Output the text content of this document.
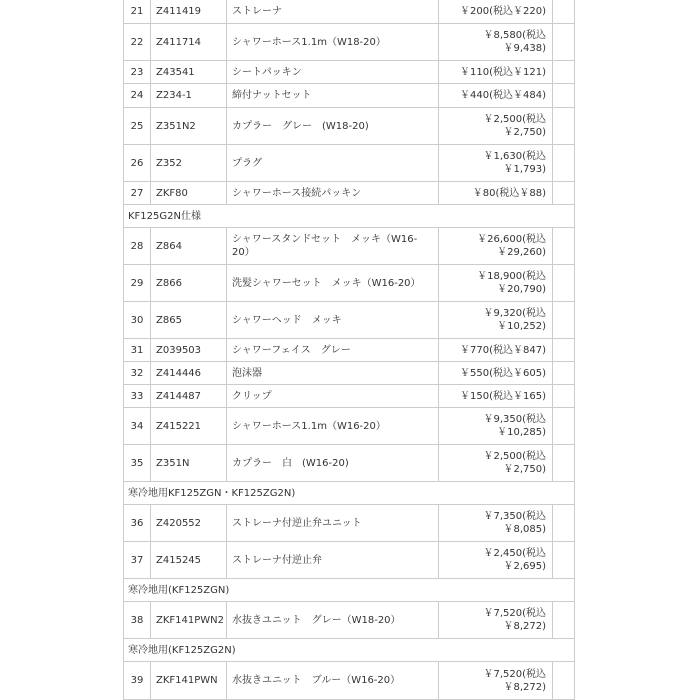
21	Z411419	ストレーナ	￥200(税込￥220)	

22	Z411714	シャワーホース1.1m（W18-20）	￥8,580(税込
￥9,438)	

23	Z43541	シートパッキン	￥110(税込￥121)	

24	Z234-1	締付ナットセット	￥440(税込￥484)	

25	Z351N2	カプラー　グレー　(W18-20)	￥2,500(税込
￥2,750)	

26	Z352	プラグ	￥1,630(税込
￥1,793)	

27	ZKF80	シャワーホース接続パッキン	￥80(税込￥88)	

KF125G2N仕様				
28	Z864	シャワースタンドセット　メッキ（W16-20）	￥26,600(税込
￥29,260)	

29	Z866	洗髪シャワーセット　メッキ（W16-20）	￥18,900(税込
￥20,790)	

30	Z865	シャワーヘッド　メッキ	￥9,320(税込
￥10,252)	

31	Z039503	シャワーフェイス　グレー	￥770(税込￥847)	

32	Z414446	泡沫器	￥550(税込￥605)	

33	Z414487	クリップ	￥150(税込￥165)	

34	Z415221	シャワーホース1.1m（W16-20）	￥9,350(税込
￥10,285)	

35	Z351N	カプラー　白　(W16-20)	￥2,500(税込
￥2,750)	

寒冷地用KF125ZGN・KF125ZG2N)				
36	Z420552	ストレーナ付逆止弁ユニット	￥7,350(税込
￥8,085)	

37	Z415245	ストレーナ付逆止弁	￥2,450(税込
￥2,695)	

寒冷地用(KF125ZGN)				
38	ZKF141PWN2	水抜きユニット　グレー（W18-20）	￥7,520(税込
￥8,272)	

寒冷地用(KF125ZG2N)				
39	ZKF141PWN	水抜きユニット　ブルー（W16-20）	￥7,520(税込
￥8,272)	
